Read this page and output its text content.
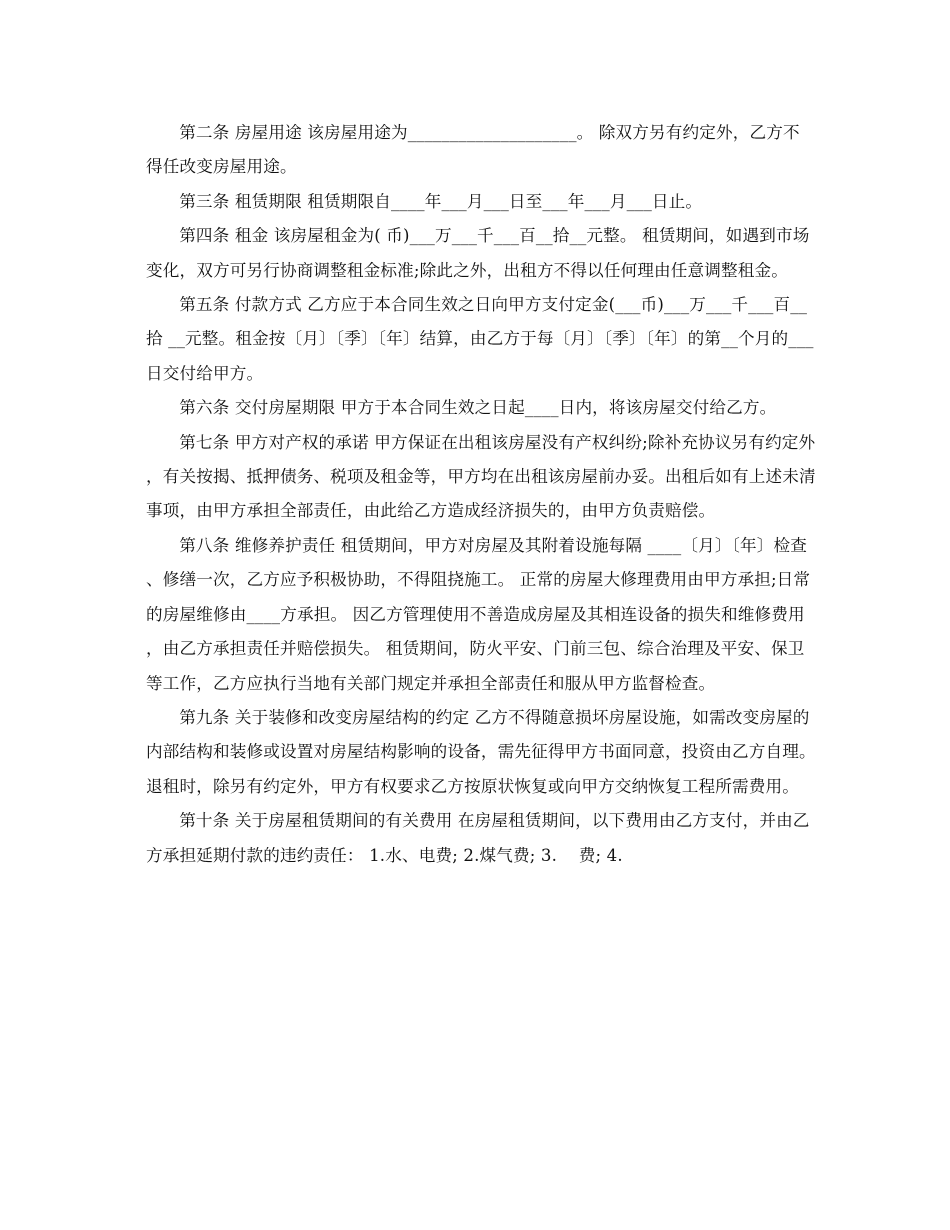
第二条 房屋用途 该房屋用途为____________________。 除双方另有约定外，乙方不得任改变房屋用途。

第三条 租赁期限 租赁期限自____年___月___日至___年___月___日止。

第四条 租金 该房屋租金为( 币)___万___千___百__拾__元整。 租赁期间，如遇到市场变化，双方可另行协商调整租金标准;除此之外，出租方不得以任何理由任意调整租金。

第五条 付款方式 乙方应于本合同生效之日向甲方支付定金(___币)___万___千___百__拾 __元整。租金按〔月〕〔季〕〔年〕结算，由乙方于每〔月〕〔季〕〔年〕的第__个月的___日交付给甲方。

第六条 交付房屋期限 甲方于本合同生效之日起____日内，将该房屋交付给乙方。

第七条 甲方对产权的承诺 甲方保证在出租该房屋没有产权纠纷;除补充协议另有约定外，有关按揭、抵押债务、税项及租金等，甲方均在出租该房屋前办妥。出租后如有上述未清事项，由甲方承担全部责任，由此给乙方造成经济损失的，由甲方负责赔偿。

第八条 维修养护责任 租赁期间，甲方对房屋及其附着设施每隔 ____〔月〕〔年〕检查、修缮一次，乙方应予积极协助，不得阻挠施工。 正常的房屋大修理费用由甲方承担;日常的房屋维修由____方承担。 因乙方管理使用不善造成房屋及其相连设备的损失和维修费用，由乙方承担责任并赔偿损失。 租赁期间，防火平安、门前三包、综合治理及平安、保卫等工作，乙方应执行当地有关部门规定并承担全部责任和服从甲方监督检查。

第九条 关于装修和改变房屋结构的约定 乙方不得随意损坏房屋设施，如需改变房屋的内部结构和装修或设置对房屋结构影响的设备，需先征得甲方书面同意，投资由乙方自理。退租时，除另有约定外，甲方有权要求乙方按原状恢复或向甲方交纳恢复工程所需费用。

第十条 关于房屋租赁期间的有关费用 在房屋租赁期间，以下费用由乙方支付，并由乙方承担延期付款的违约责任： 1.水、电费; 2.煤气费; 3.    费; 4.
